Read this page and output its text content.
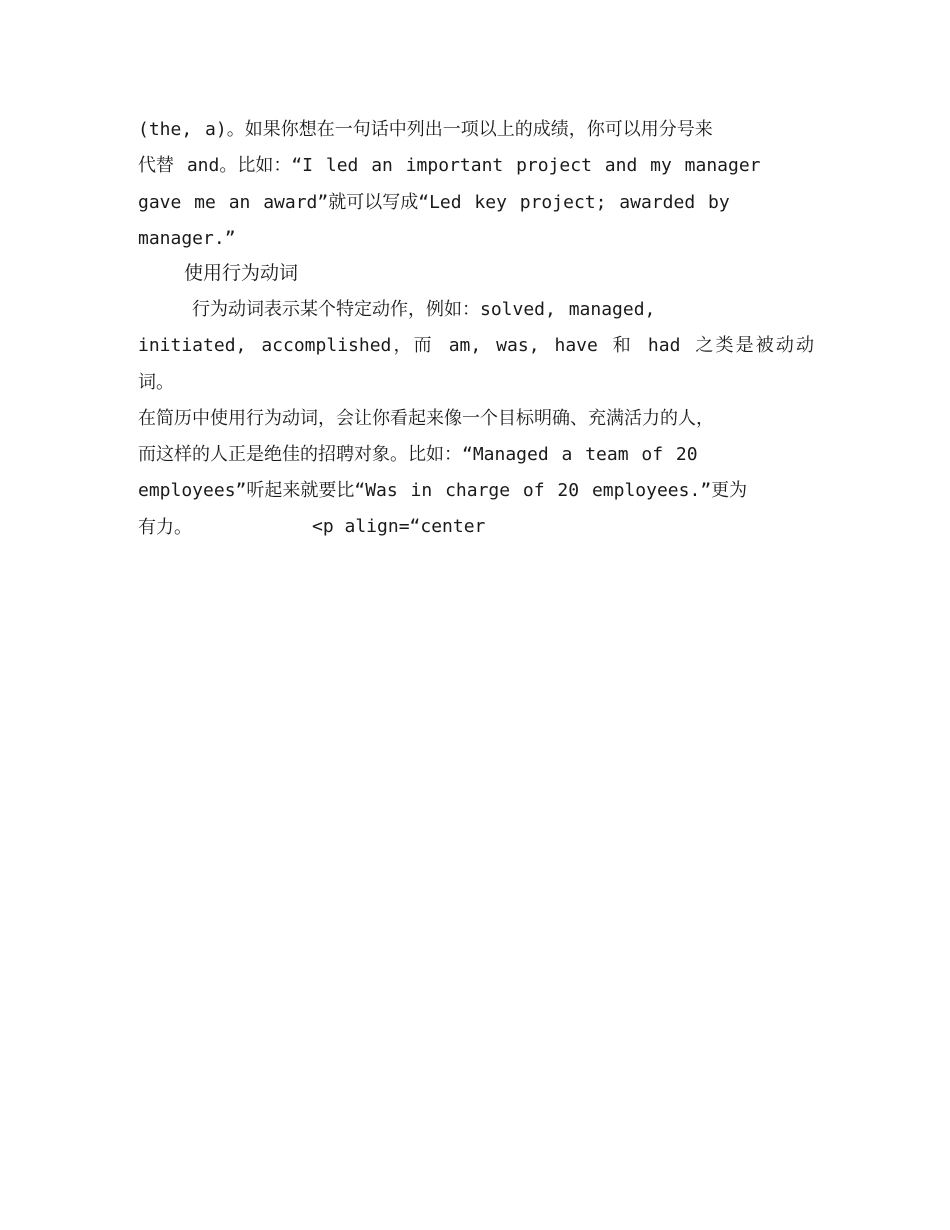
(the, a)。如果你想在一句话中列出一项以上的成绩，你可以用分号来

代替 and。比如：“I led an important project and my manager

gave me an award”就可以写成“Led key project; awarded by

manager.”

使用行为动词

行为动词表示某个特定动作，例如：solved, managed,

initiated, accomplished，而 am, was, have 和 had 之类是被动动词。

在简历中使用行为动词，会让你看起来像一个目标明确、充满活力的人，

而这样的人正是绝佳的招聘对象。比如：“Managed a team of 20

employees”听起来就要比“Was in charge of 20 employees.”更为

有力。	<p align=“center
